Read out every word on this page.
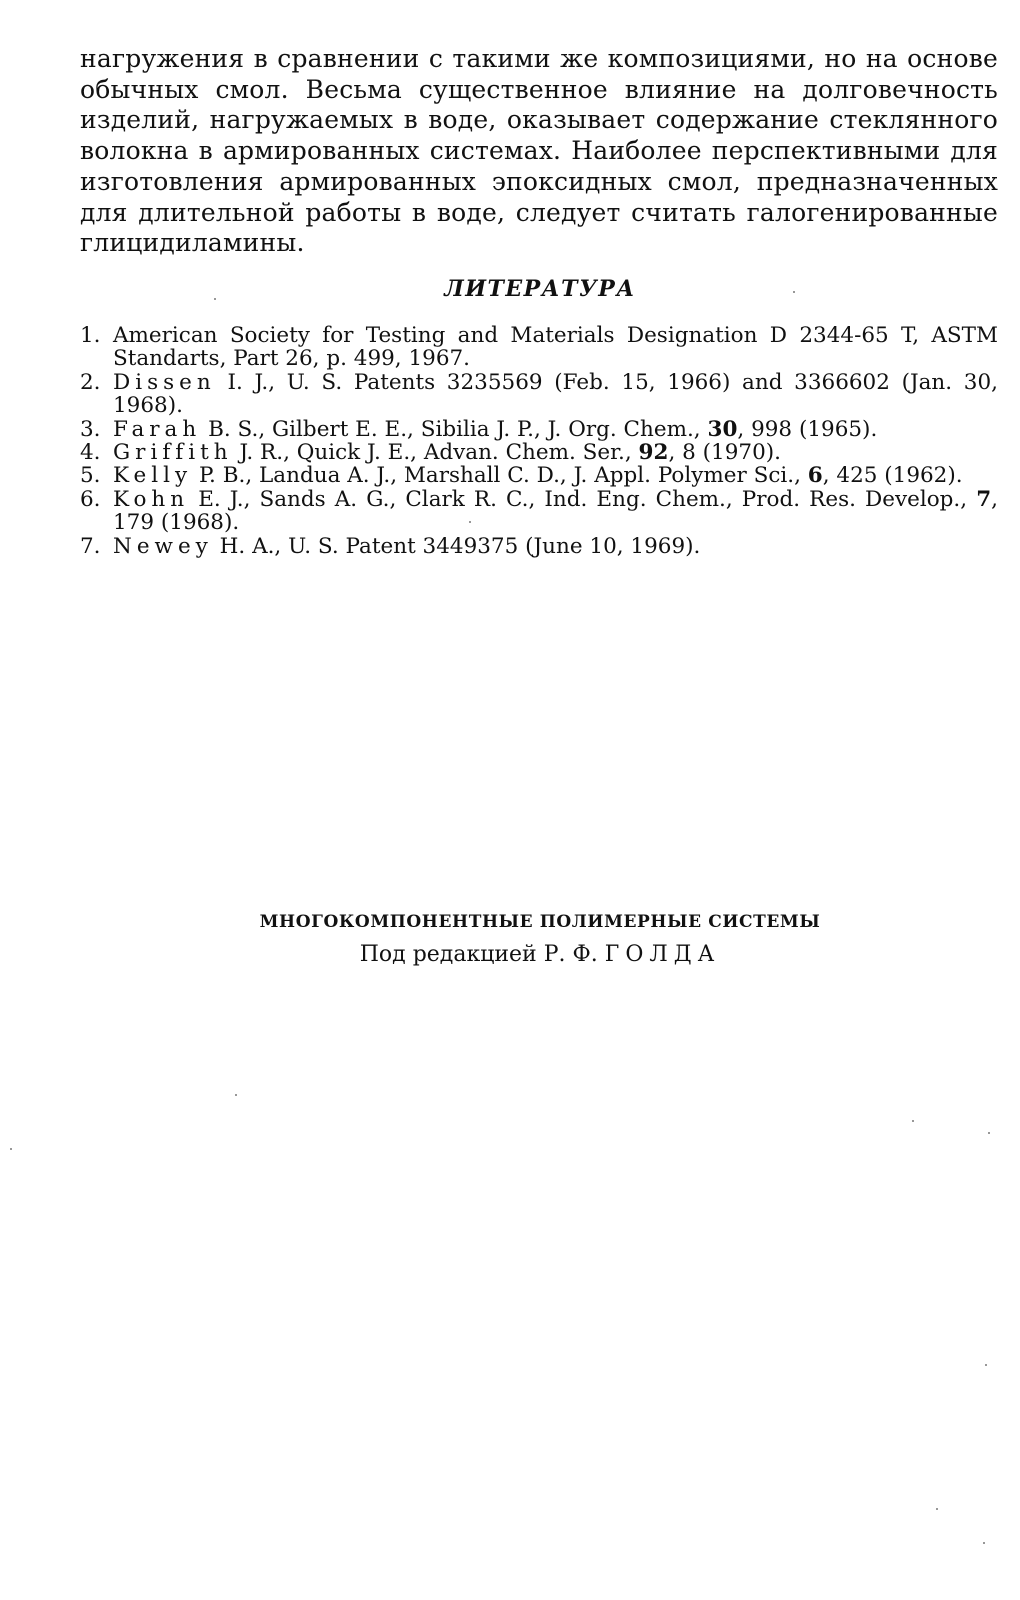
нагружения в сравнении с такими же композициями, но на основе обычных смол. Весьма существенное влияние на долговечность изделий, нагружаемых в воде, оказывает содержание стеклянного волокна в армированных системах. Наиболее перспективными для изготовления армированных эпоксидных смол, предназначенных для длительной работы в воде, следует считать галогенированные глицидиламины.

ЛИТЕРАТУРА
1. American Society for Testing and Materials Designation D 2344-65 T, ASTM Standarts, Part 26, p. 499, 1967.
2. Dissen I. J., U. S. Patents 3235569 (Feb. 15, 1966) and 3366602 (Jan. 30, 1968).
3. Farah B. S., Gilbert E. E., Sibilia J. P., J. Org. Chem., 30, 998 (1965).
4. Griffith J. R., Quick J. E., Advan. Chem. Ser., 92, 8 (1970).
5. Kelly P. B., Landua A. J., Marshall C. D., J. Appl. Polymer Sci., 6, 425 (1962).
6. Kohn E. J., Sands A. G., Clark R. C., Ind. Eng. Chem., Prod. Res. Develop., 7, 179 (1968).
7. Newey H. A., U. S. Patent 3449375 (June 10, 1969).
МНОГОКОМПОНЕНТНЫЕ ПОЛИМЕРНЫЕ СИСТЕМЫ

Под редакцией Р. Ф. ГОЛДА
